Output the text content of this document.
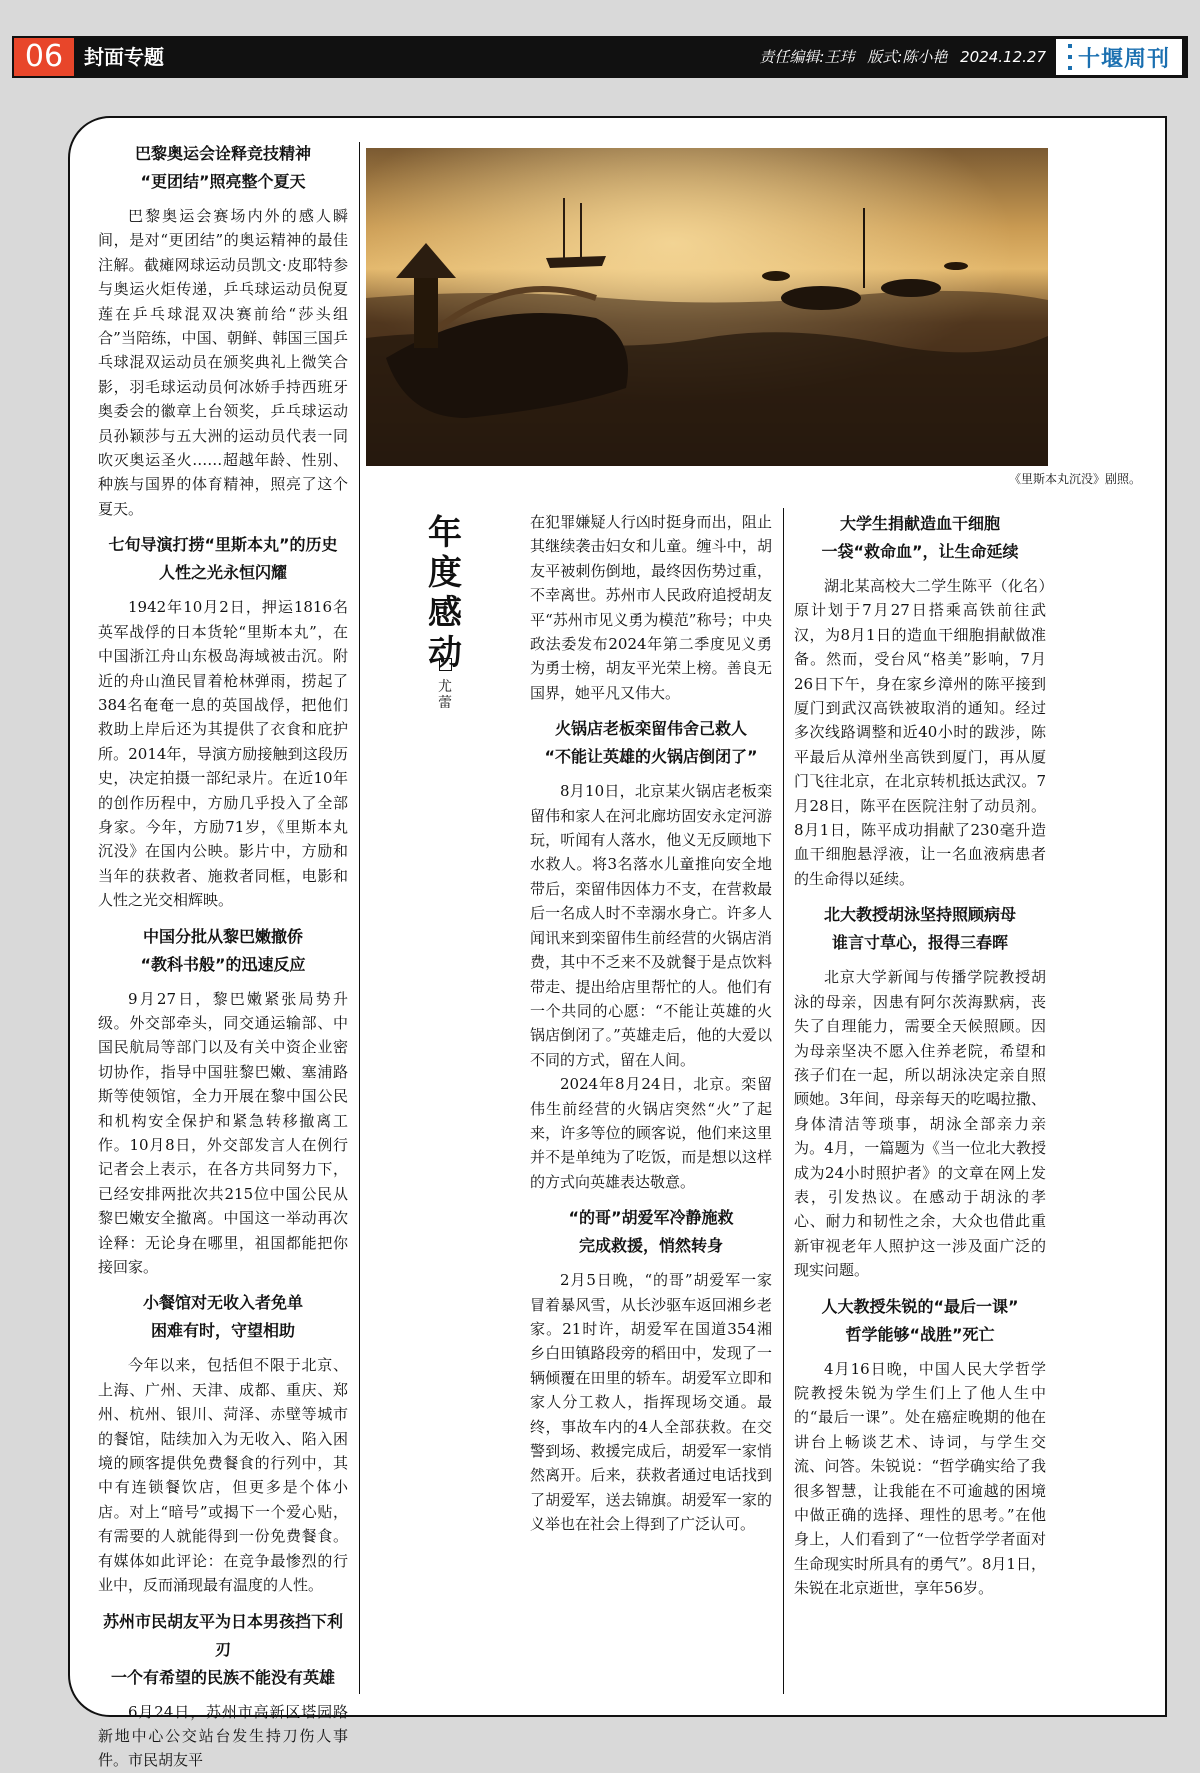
06	封面专题	责任编辑:王玮 版式:陈小艳 2024.12.27 十堰周刊
巴黎奥运会诠释竞技精神
“更团结”照亮整个夏天

巴黎奥运会赛场内外的感人瞬间，是对“更团结”的奥运精神的最佳注解。截瘫网球运动员凯文·皮耶特参与奥运火炬传递，乒乓球运动员倪夏莲在乒乓球混双决赛前给“莎头组合”当陪练，中国、朝鲜、韩国三国乒乓球混双运动员在颁奖典礼上微笑合影，羽毛球运动员何冰娇手持西班牙奥委会的徽章上台领奖，乒乓球运动员孙颖莎与五大洲的运动员代表一同吹灭奥运圣火……超越年龄、性别、种族与国界的体育精神，照亮了这个夏天。

七旬导演打捞“里斯本丸”的历史
人性之光永恒闪耀

1942年10月2日，押运1816名英军战俘的日本货轮“里斯本丸”，在中国浙江舟山东极岛海域被击沉。附近的舟山渔民冒着枪林弹雨，捞起了384名奄奄一息的英国战俘，把他们救助上岸后还为其提供了衣食和庇护所。2014年，导演方励接触到这段历史，决定拍摄一部纪录片。在近10年的创作历程中，方励几乎投入了全部身家。今年，方励71岁，《里斯本丸沉没》在国内公映。影片中，方励和当年的获救者、施救者同框，电影和人性之光交相辉映。

中国分批从黎巴嫩撤侨
“教科书般”的迅速反应

9月27日，黎巴嫩紧张局势升级。外交部牵头，同交通运输部、中国民航局等部门以及有关中资企业密切协作，指导中国驻黎巴嫩、塞浦路斯等使领馆，全力开展在黎中国公民和机构安全保护和紧急转移撤离工作。10月8日，外交部发言人在例行记者会上表示，在各方共同努力下，已经安排两批次共215位中国公民从黎巴嫩安全撤离。中国这一举动再次诠释：无论身在哪里，祖国都能把你接回家。

小餐馆对无收入者免单
困难有时，守望相助

今年以来，包括但不限于北京、上海、广州、天津、成都、重庆、郑州、杭州、银川、菏泽、赤壁等城市的餐馆，陆续加入为无收入、陷入困境的顾客提供免费餐食的行列中，其中有连锁餐饮店，但更多是个体小店。对上“暗号”或揭下一个爱心贴，有需要的人就能得到一份免费餐食。有媒体如此评论：在竞争最惨烈的行业中，反而涌现最有温度的人性。

苏州市民胡友平为日本男孩挡下利刃
一个有希望的民族不能没有英雄

6月24日，苏州市高新区塔园路新地中心公交站台发生持刀伤人事件。市民胡友平

《里斯本丸沉没》剧照。
年
度
感
动
尤
蕾

在犯罪嫌疑人行凶时挺身而出，阻止其继续袭击妇女和儿童。缠斗中，胡友平被刺伤倒地，最终因伤势过重，不幸离世。苏州市人民政府追授胡友平“苏州市见义勇为模范”称号；中央政法委发布2024年第二季度见义勇为勇士榜，胡友平光荣上榜。善良无国界，她平凡又伟大。

火锅店老板栾留伟舍己救人
“不能让英雄的火锅店倒闭了”

8月10日，北京某火锅店老板栾留伟和家人在河北廊坊固安永定河游玩，听闻有人落水，他义无反顾地下水救人。将3名落水儿童推向安全地带后，栾留伟因体力不支，在营救最后一名成人时不幸溺水身亡。许多人闻讯来到栾留伟生前经营的火锅店消费，其中不乏来不及就餐于是点饮料带走、提出给店里帮忙的人。他们有一个共同的心愿：“不能让英雄的火锅店倒闭了。”英雄走后，他的大爱以不同的方式，留在人间。

2024年8月24日，北京。栾留伟生前经营的火锅店突然“火”了起来，许多等位的顾客说，他们来这里并不是单纯为了吃饭，而是想以这样的方式向英雄表达敬意。

“的哥”胡爱军冷静施救
完成救援，悄然转身

2月5日晚，“的哥”胡爱军一家冒着暴风雪，从长沙驱车返回湘乡老家。21时许，胡爱军在国道354湘乡白田镇路段旁的稻田中，发现了一辆倾覆在田里的轿车。胡爱军立即和家人分工救人，指挥现场交通。最终，事故车内的4人全部获救。在交警到场、救援完成后，胡爱军一家悄然离开。后来，获救者通过电话找到了胡爱军，送去锦旗。胡爱军一家的义举也在社会上得到了广泛认可。

大学生捐献造血干细胞
一袋“救命血”，让生命延续

湖北某高校大二学生陈平（化名）原计划于7月27日搭乘高铁前往武汉，为8月1日的造血干细胞捐献做准备。然而，受台风“格美”影响，7月26日下午，身在家乡漳州的陈平接到厦门到武汉高铁被取消的通知。经过多次线路调整和近40小时的跋涉，陈平最后从漳州坐高铁到厦门，再从厦门飞往北京，在北京转机抵达武汉。7月28日，陈平在医院注射了动员剂。8月1日，陈平成功捐献了230毫升造血干细胞悬浮液，让一名血液病患者的生命得以延续。

北大教授胡泳坚持照顾病母
谁言寸草心，报得三春晖

北京大学新闻与传播学院教授胡泳的母亲，因患有阿尔茨海默病，丧失了自理能力，需要全天候照顾。因为母亲坚决不愿入住养老院，希望和孩子们在一起，所以胡泳决定亲自照顾她。3年间，母亲每天的吃喝拉撒、身体清洁等琐事，胡泳全部亲力亲为。4月，一篇题为《当一位北大教授成为24小时照护者》的文章在网上发表，引发热议。在感动于胡泳的孝心、耐力和韧性之余，大众也借此重新审视老年人照护这一涉及面广泛的现实问题。

人大教授朱锐的“最后一课”
哲学能够“战胜”死亡

4月16日晚，中国人民大学哲学院教授朱锐为学生们上了他人生中的“最后一课”。处在癌症晚期的他在讲台上畅谈艺术、诗词，与学生交流、问答。朱锐说：“哲学确实给了我很多智慧，让我能在不可逾越的困境中做正确的选择、理性的思考。”在他身上，人们看到了“一位哲学学者面对生命现实时所具有的勇气”。8月1日，朱锐在北京逝世，享年56岁。
